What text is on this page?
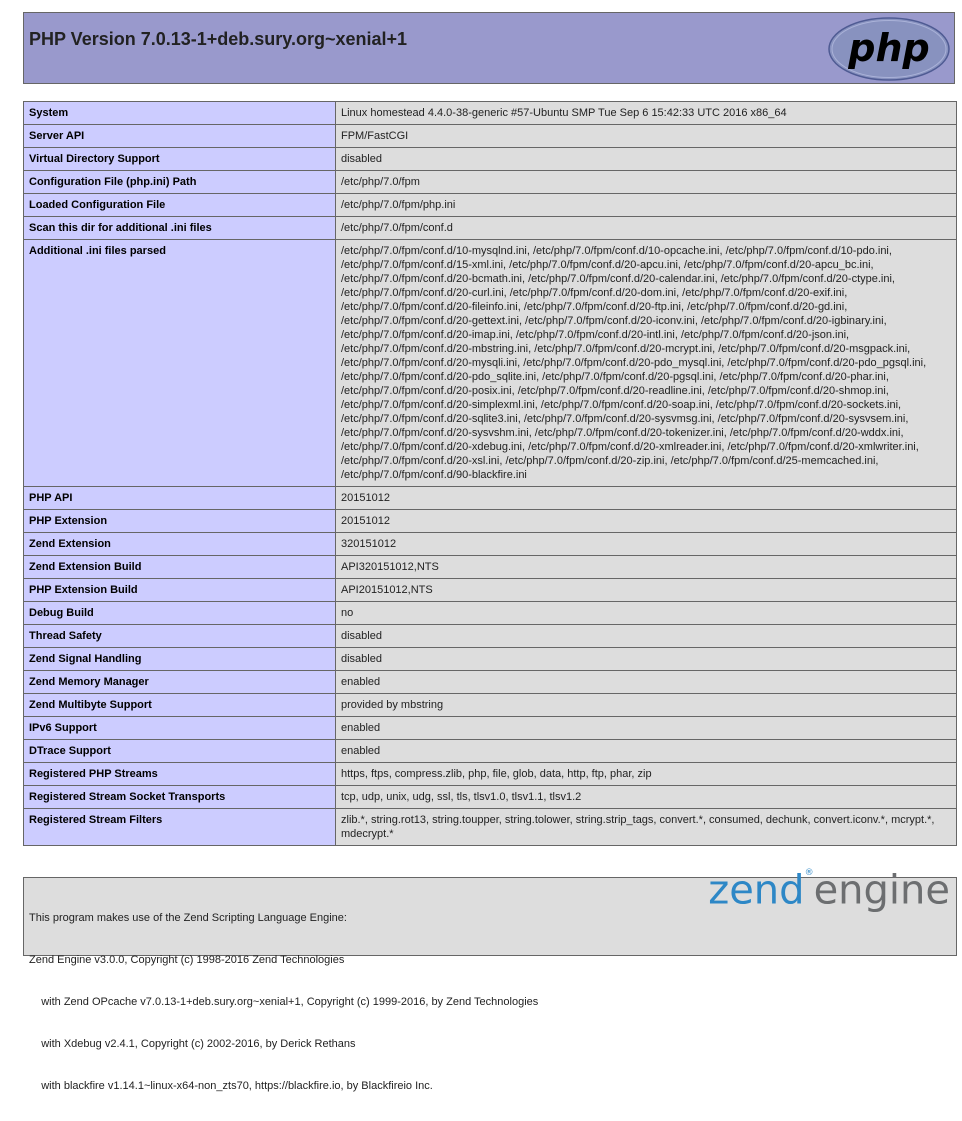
PHP Version 7.0.13-1+deb.sury.org~xenial+1	php
System	Linux homestead 4.4.0-38-generic #57-Ubuntu SMP Tue Sep 6 15:42:33 UTC 2016 x86_64
Server API	FPM/FastCGI
Virtual Directory Support	disabled
Configuration File (php.ini) Path	/etc/php/7.0/fpm
Loaded Configuration File	/etc/php/7.0/fpm/php.ini
Scan this dir for additional .ini files	/etc/php/7.0/fpm/conf.d
Additional .ini files parsed	/etc/php/7.0/fpm/conf.d/10-mysqlnd.ini, /etc/php/7.0/fpm/conf.d/10-opcache.ini, /etc/php/7.0/fpm/conf.d/10-pdo.ini, /etc/php/7.0/fpm/conf.d/15-xml.ini, /etc/php/7.0/fpm/conf.d/20-apcu.ini, /etc/php/7.0/fpm/conf.d/20-apcu_bc.ini, /etc/php/7.0/fpm/conf.d/20-bcmath.ini, /etc/php/7.0/fpm/conf.d/20-calendar.ini, /etc/php/7.0/fpm/conf.d/20-ctype.ini, /etc/php/7.0/fpm/conf.d/20-curl.ini, /etc/php/7.0/fpm/conf.d/20-dom.ini, /etc/php/7.0/fpm/conf.d/20-exif.ini, /etc/php/7.0/fpm/conf.d/20-fileinfo.ini, /etc/php/7.0/fpm/conf.d/20-ftp.ini, /etc/php/7.0/fpm/conf.d/20-gd.ini, /etc/php/7.0/fpm/conf.d/20-gettext.ini, /etc/php/7.0/fpm/conf.d/20-iconv.ini, /etc/php/7.0/fpm/conf.d/20-igbinary.ini, /etc/php/7.0/fpm/conf.d/20-imap.ini, /etc/php/7.0/fpm/conf.d/20-intl.ini, /etc/php/7.0/fpm/conf.d/20-json.ini, /etc/php/7.0/fpm/conf.d/20-mbstring.ini, /etc/php/7.0/fpm/conf.d/20-mcrypt.ini, /etc/php/7.0/fpm/conf.d/20-msgpack.ini, /etc/php/7.0/fpm/conf.d/20-mysqli.ini, /etc/php/7.0/fpm/conf.d/20-pdo_mysql.ini, /etc/php/7.0/fpm/conf.d/20-pdo_pgsql.ini, /etc/php/7.0/fpm/conf.d/20-pdo_sqlite.ini, /etc/php/7.0/fpm/conf.d/20-pgsql.ini, /etc/php/7.0/fpm/conf.d/20-phar.ini, /etc/php/7.0/fpm/conf.d/20-posix.ini, /etc/php/7.0/fpm/conf.d/20-readline.ini, /etc/php/7.0/fpm/conf.d/20-shmop.ini, /etc/php/7.0/fpm/conf.d/20-simplexml.ini, /etc/php/7.0/fpm/conf.d/20-soap.ini, /etc/php/7.0/fpm/conf.d/20-sockets.ini, /etc/php/7.0/fpm/conf.d/20-sqlite3.ini, /etc/php/7.0/fpm/conf.d/20-sysvmsg.ini, /etc/php/7.0/fpm/conf.d/20-sysvsem.ini, /etc/php/7.0/fpm/conf.d/20-sysvshm.ini, /etc/php/7.0/fpm/conf.d/20-tokenizer.ini, /etc/php/7.0/fpm/conf.d/20-wddx.ini, /etc/php/7.0/fpm/conf.d/20-xdebug.ini, /etc/php/7.0/fpm/conf.d/20-xmlreader.ini, /etc/php/7.0/fpm/conf.d/20-xmlwriter.ini, /etc/php/7.0/fpm/conf.d/20-xsl.ini, /etc/php/7.0/fpm/conf.d/20-zip.ini, /etc/php/7.0/fpm/conf.d/25-memcached.ini, /etc/php/7.0/fpm/conf.d/90-blackfire.ini
PHP API	20151012
PHP Extension	20151012
Zend Extension	320151012
Zend Extension Build	API320151012,NTS
PHP Extension Build	API20151012,NTS
Debug Build	no
Thread Safety	disabled
Zend Signal Handling	disabled
Zend Memory Manager	enabled
Zend Multibyte Support	provided by mbstring
IPv6 Support	enabled
DTrace Support	enabled
Registered PHP Streams	https, ftps, compress.zlib, php, file, glob, data, http, ftp, phar, zip
Registered Stream Socket Transports	tcp, udp, unix, udg, ssl, tls, tlsv1.0, tlsv1.1, tlsv1.2
Registered Stream Filters	zlib.*, string.rot13, string.toupper, string.tolower, string.strip_tags, convert.*, consumed, dechunk, convert.iconv.*, mcrypt.*, mdecrypt.*

This program makes use of the Zend Scripting Language Engine:

Zend Engine v3.0.0, Copyright (c) 1998-2016 Zend Technologies

with Zend OPcache v7.0.13-1+deb.sury.org~xenial+1, Copyright (c) 1999-2016, by Zend Technologies

with Xdebug v2.4.1, Copyright (c) 2002-2016, by Derick Rethans

with blackfire v1.14.1~linux-x64-non_zts70, https://blackfire.io, by Blackfireio Inc.

zend®engine
